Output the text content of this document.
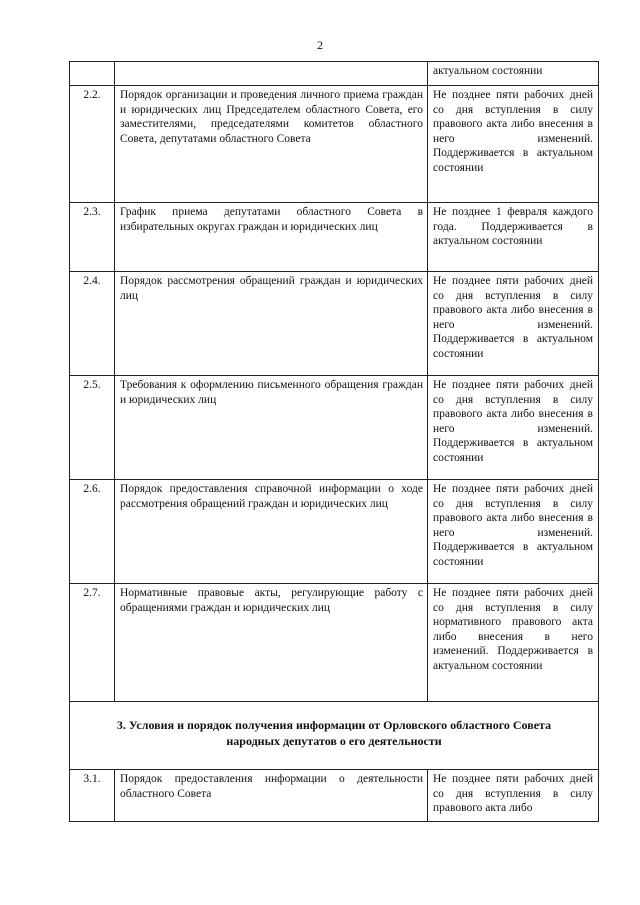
2

		актуальном состоянии

2.2.	Порядок организации и проведения личного приема граждан и юридических лиц Председателем областного Совета, его заместителями, председателями комитетов областного Совета, депутатами областного Совета	Не позднее пяти рабочих дней со дня вступления в силу правового акта либо внесения в него изменений. Поддерживается в актуальном состоянии

2.3.	График приема депутатами областного Совета в избирательных округах граждан и юридических лиц	Не позднее 1 февраля каждого года. Поддерживается в актуальном состоянии

2.4.	Порядок рассмотрения обращений граждан и юридических лиц	Не позднее пяти рабочих дней со дня вступления в силу правового акта либо внесения в него изменений. Поддерживается в актуальном состоянии

2.5.	Требования к оформлению письменного обращения граждан и юридических лиц	Не позднее пяти рабочих дней со дня вступления в силу правового акта либо внесения в него изменений. Поддерживается в актуальном состоянии

2.6.	Порядок предоставления справочной информации о ходе рассмотрения обращений граждан и юридических лиц	Не позднее пяти рабочих дней со дня вступления в силу правового акта либо внесения в него изменений. Поддерживается в актуальном состоянии

2.7.	Нормативные правовые акты, регулирующие работу с обращениями граждан и юридических лиц	Не позднее пяти рабочих дней со дня вступления в силу нормативного правового акта либо внесения в него изменений. Поддерживается в актуальном состоянии

3. Условия и порядок получения информации от Орловского областного Совета народных депутатов о его деятельности		

3.1.	Порядок предоставления информации о деятельности областного Совета	Не позднее пяти рабочих дней со дня вступления в силу правового акта либо
